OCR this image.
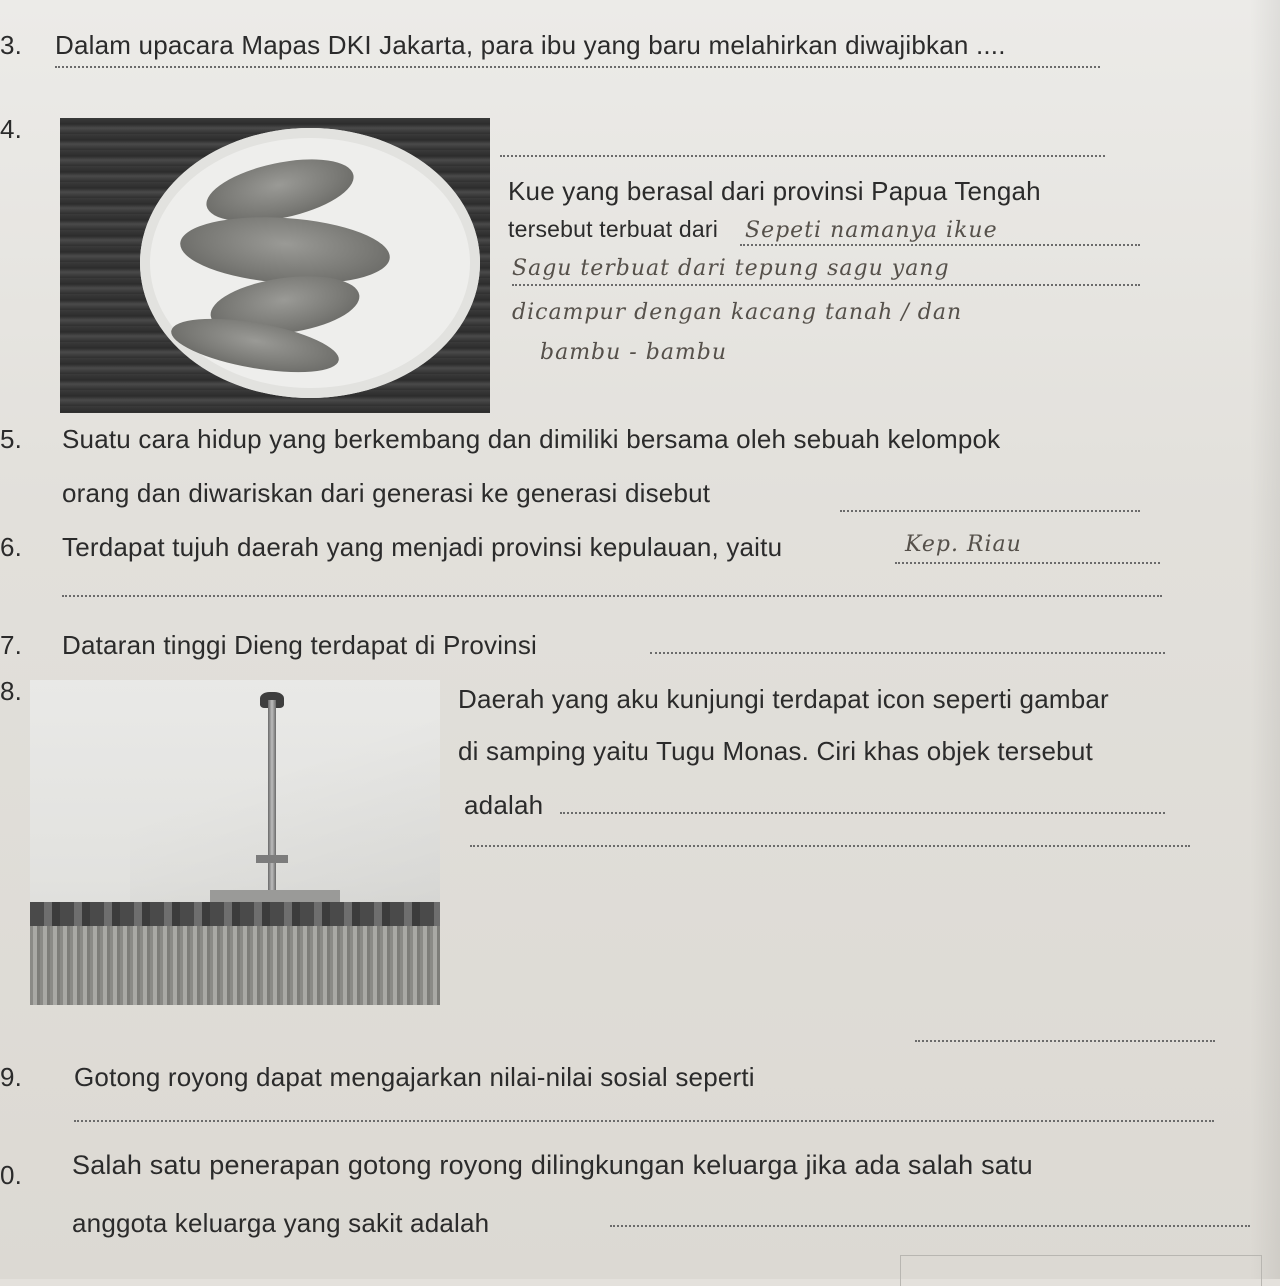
3. Dalam upacara Mapas DKI Jakarta, para ibu yang baru melahirkan diwajibkan ....
4.
Kue yang berasal dari provinsi Papua Tengah
tersebut terbuat dari Sepeti namanya ikue
Sagu terbuat dari tepung sagu yang
dicampur dengan kacang tanah / dan
bambu - bambu
5. Suatu cara hidup yang berkembang dan dimiliki bersama oleh sebuah kelompok
orang dan diwariskan dari generasi ke generasi disebut
6. Terdapat tujuh daerah yang menjadi provinsi kepulauan, yaitu	Kep. Riau
7. Dataran tinggi Dieng terdapat di Provinsi
8.	Daerah yang aku kunjungi terdapat icon seperti gambar
di samping yaitu Tugu Monas. Ciri khas objek tersebut
adalah
9. Gotong royong dapat mengajarkan nilai-nilai sosial seperti
0. Salah satu penerapan gotong royong dilingkungan keluarga jika ada salah satu
anggota keluarga yang sakit adalah
